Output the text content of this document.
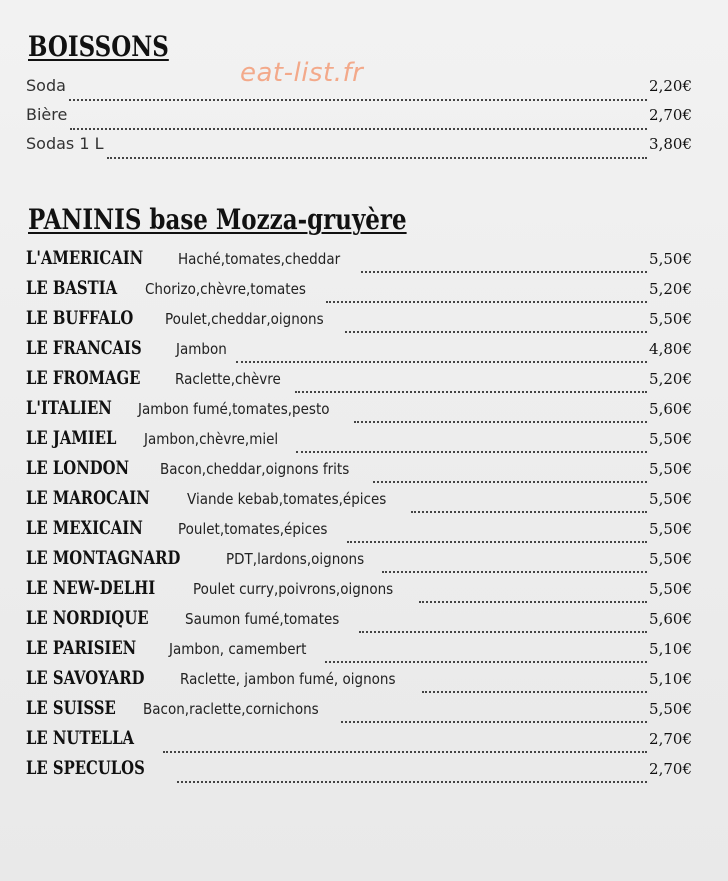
eat-list.fr
BOISSONS
Soda	2,20€
Bière	2,70€
Sodas 1 L	3,80€
PANINIS base Mozza-gruyère
L'AMERICAIN Haché,tomates,cheddar	5,50€
LE BASTIA Chorizo,chèvre,tomates	5,20€
LE BUFFALO Poulet,cheddar,oignons	5,50€
LE FRANCAIS Jambon	4,80€
LE FROMAGE Raclette,chèvre	5,20€
L'ITALIEN Jambon fumé,tomates,pesto	5,60€
LE JAMIEL Jambon,chèvre,miel	5,50€
LE LONDON Bacon,cheddar,oignons frits	5,50€
LE MAROCAIN Viande kebab,tomates,épices	5,50€
LE MEXICAIN Poulet,tomates,épices	5,50€
LE MONTAGNARD	PDT,lardons,oignons	5,50€
LE NEW-DELHI	Poulet curry,poivrons,oignons	5,50€
LE NORDIQUE Saumon fumé,tomates	5,60€
LE PARISIEN Jambon, camembert	5,10€
LE SAVOYARD Raclette, jambon fumé, oignons	5,10€
LE SUISSE Bacon,raclette,cornichons	5,50€
LE NUTELLA	2,70€
LE SPECULOS	2,70€
